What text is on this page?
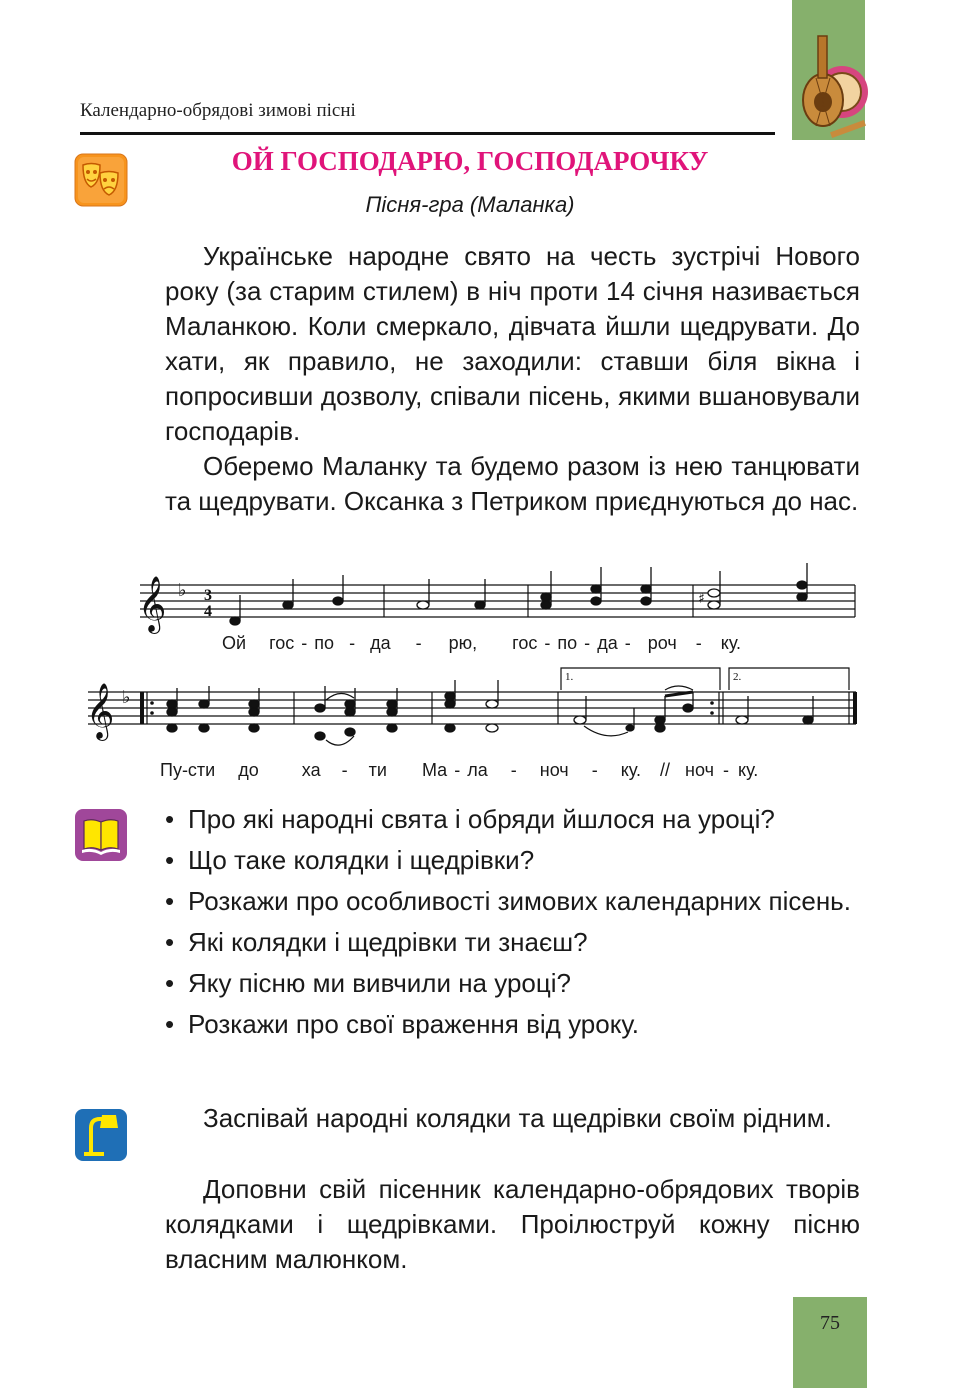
Календарно-обрядові зимові пісні
ОЙ ГОСПОДАРЮ, ГОСПОДАРОЧКУ
Пісня-гра (Маланка)

Українське народне свято на честь зустрічі Нового року (за старим стилем) в ніч проти 14 січня називається Маланкою. Коли смеркало, дівчата йшли щедрувати. До хати, як правило, не заходили: ставши біля вікна і попросивши дозволу, співали пісень, якими вшановували господарів.

Оберемо Маланку та будемо разом із нею танцювати та щедрувати. Оксанка з Петриком приєднуються до нас.

𝄞 ♭ 3
4
♯
Ой гос - по - да - рю, гос - по - да - роч - ку.
𝄞 ♭
1.	2.
Пу-сти до ха - ти Ма - ла - ноч - ку. // ноч - ку.
• Про які народні свята і обряди йшлося на уроці?
• Що таке колядки і щедрівки?
• Розкажи про особливості зимових календарних пісень.
• Які колядки і щедрівки ти знаєш?
• Яку пісню ми вивчили на уроці?
• Розкажи про свої враження від уроку.

Заспівай народні колядки та щедрівки своїм рідним.

Доповни свій пісенник календарно-обрядових творів колядками і щедрівками. Проілюструй кожну пісню власним малюнком.

75
